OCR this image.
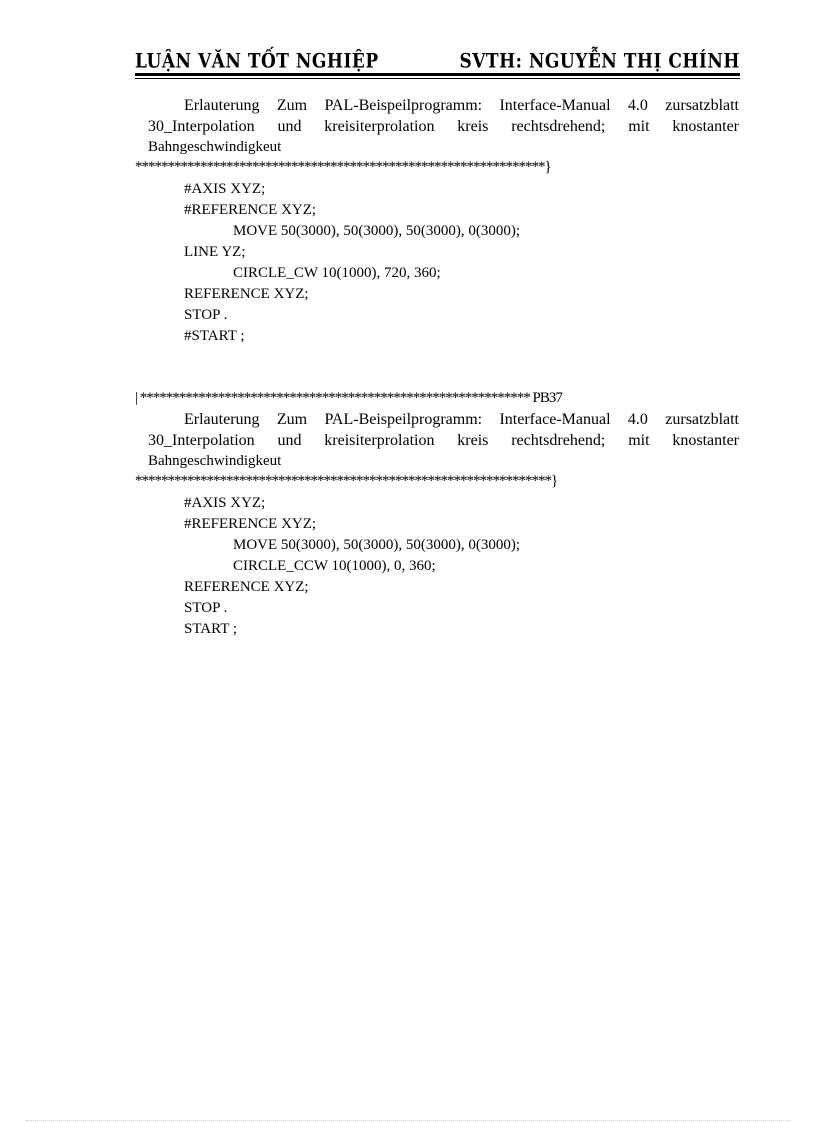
LUẬN VĂN TỐT NGHIỆP	SVTH: NGUYỄN THỊ CHÍNH
Erlauterung Zum PAL-Beispeilprogramm: Interface-Manual 4.0 zursatzblatt
30_Interpolation und kreisiterprolation kreis rechtsdrehend; mit knostanter
Bahngeschwindigkeut
***************************************************************}
#AXIS XYZ;
#REFERENCE XYZ;
MOVE 50(3000), 50(3000), 50(3000), 0(3000);
LINE YZ;
CIRCLE_CW 10(1000), 720, 360;
REFERENCE XYZ;
STOP .
#START ;
| ************************************************************ PB37
Erlauterung Zum PAL-Beispeilprogramm: Interface-Manual 4.0 zursatzblatt
30_Interpolation und kreisiterprolation kreis rechtsdrehend; mit knostanter
Bahngeschwindigkeut
****************************************************************}
#AXIS XYZ;
#REFERENCE XYZ;
MOVE 50(3000), 50(3000), 50(3000), 0(3000);
CIRCLE_CCW 10(1000), 0, 360;
REFERENCE XYZ;
STOP .
START ;
